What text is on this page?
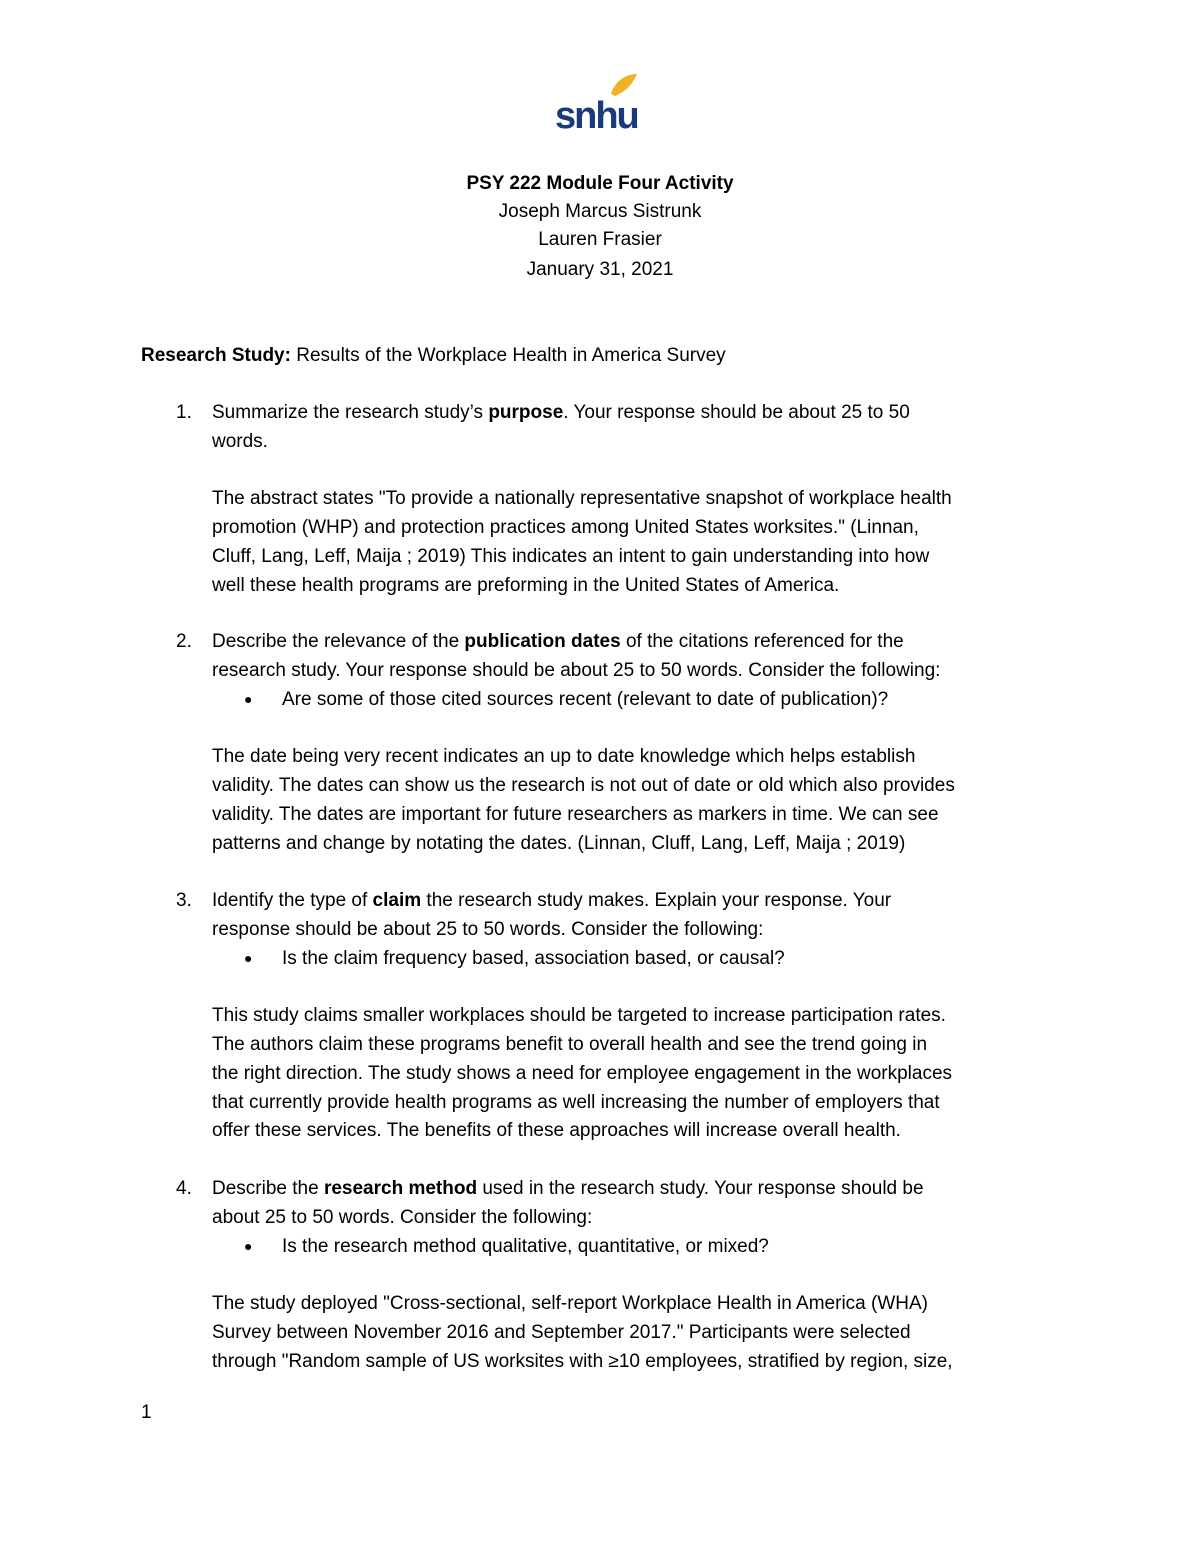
snhu
PSY 222 Module Four Activity
Joseph Marcus Sistrunk
Lauren Frasier
January 31, 2021
Research Study: Results of the Workplace Health in America Survey
1. Summarize the research study’s purpose. Your response should be about 25 to 50
words.
The abstract states "To provide a nationally representative snapshot of workplace health
promotion (WHP) and protection practices among United States worksites." (Linnan,
Cluff, Lang, Leff, Maija ; 2019) This indicates an intent to gain understanding into how
well these health programs are preforming in the United States of America.
2. Describe the relevance of the publication dates of the citations referenced for the
research study. Your response should be about 25 to 50 words. Consider the following:
● Are some of those cited sources recent (relevant to date of publication)?
The date being very recent indicates an up to date knowledge which helps establish
validity. The dates can show us the research is not out of date or old which also provides
validity. The dates are important for future researchers as markers in time. We can see
patterns and change by notating the dates. (Linnan, Cluff, Lang, Leff, Maija ; 2019)
3. Identify the type of claim the research study makes. Explain your response. Your
response should be about 25 to 50 words. Consider the following:
● Is the claim frequency based, association based, or causal?
This study claims smaller workplaces should be targeted to increase participation rates.
The authors claim these programs benefit to overall health and see the trend going in
the right direction. The study shows a need for employee engagement in the workplaces
that currently provide health programs as well increasing the number of employers that
offer these services. The benefits of these approaches will increase overall health.
4. Describe the research method used in the research study. Your response should be
about 25 to 50 words. Consider the following:
● Is the research method qualitative, quantitative, or mixed?
The study deployed "Cross-sectional, self-report Workplace Health in America (WHA)
Survey between November 2016 and September 2017." Participants were selected
through "Random sample of US worksites with ≥10 employees, stratified by region, size,
1
